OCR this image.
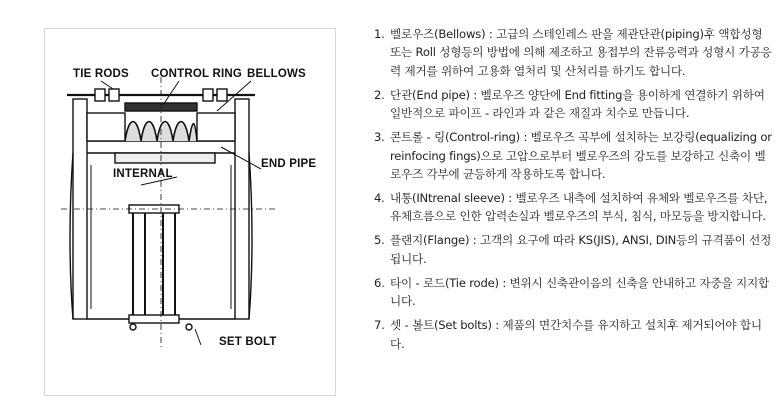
TIE RODS CONTROL RING BELLOWS
INTERNAL
END PIPE
SET BOLT
1. 벨로우즈(Bellows) : 고급의 스테인레스 판을 제관단관(piping)후 액합성형 또는 Roll 성형등의 방법에 의해 제조하고 용접부의 잔류응력과 성형시 가공응력 제거를 위하여 고용화 열처리 및 산처리를 하기도 합니다.
2. 단관(End pipe) : 벨로우즈 양단에 End fitting을 용이하게 연결하기 위하여 일반적으로 파이프 - 라인과 과 같은 재질과 치수로 만듭니다.
3. 콘트롤 - 링(Control-ring) : 벨로우즈 곡부에 설치하는 보강링(equalizing or reinfocing fings)으로 고압으로부터 벨로우즈의 강도를 보강하고 신축이 벨로우즈 각부에 균등하게 작용하도록 합니다.
4. 내통(INtrenal sleeve) : 벨로우즈 내측에 설치하여 유체와 벨로우즈를 차단, 유체흐름으로 인한 압력손실과 벨로우즈의 부식, 침식, 마모등을 방지합니다.
5. 플랜지(Flange) : 고객의 요구에 따라 KS(JIS), ANSI, DIN등의 규격품이 선정됩니다.
6. 타이 - 로드(Tie rode) : 변위시 신축관이음의 신축을 안내하고 자중을 지지합니다.
7. 셋 - 볼트(Set bolts) : 제품의 면간치수를 유지하고 설치후 제거되어야 합니다.
